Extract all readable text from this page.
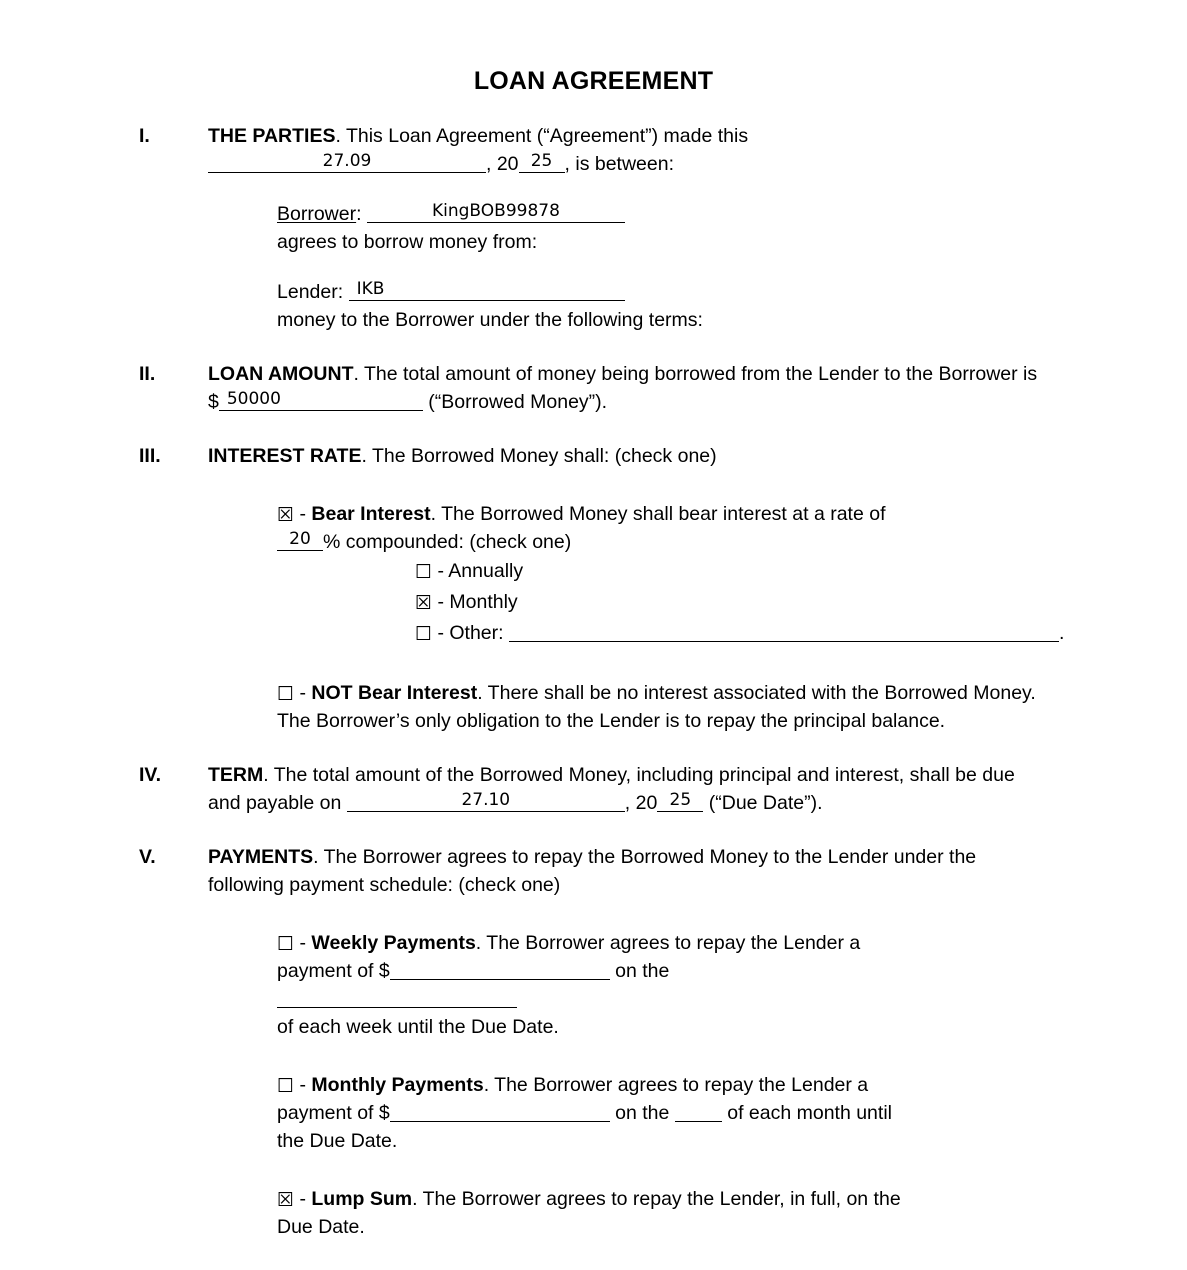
LOAN AGREEMENT
I.	THE PARTIES. This Loan Agreement (“Agreement”) made this
27.09	, 20 25 , is between:
Borrower:	KingBOB99878
agrees to borrow money from:
Lender: IKB
money to the Borrower under the following terms:
II.	LOAN AMOUNT. The total amount of money being borrowed from the Lender to the Borrower is $ 50000	(“Borrowed Money”).
III.	INTEREST RATE. The Borrowed Money shall: (check one)
☒ - Bear Interest. The Borrowed Money shall bear interest at a rate of
20 % compounded: (check one)
☐ - Annually
☒ - Monthly
☐ - Other:	.
☐ - NOT Bear Interest. There shall be no interest associated with the Borrowed Money. The Borrower’s only obligation to the Lender is to repay the principal balance.
IV.	TERM. The total amount of the Borrowed Money, including principal and interest, shall be due and payable on	27.10	, 20 25 (“Due Date”).
V.	PAYMENTS. The Borrower agrees to repay the Borrowed Money to the Lender under the following payment schedule: (check one)
☐ - Weekly Payments. The Borrower agrees to repay the Lender a payment of $	on the
of each week until the Due Date.
☐ - Monthly Payments. The Borrower agrees to repay the Lender a payment of $	on the	of each month until the Due Date.
☒ - Lump Sum. The Borrower agrees to repay the Lender, in full, on the Due Date.
